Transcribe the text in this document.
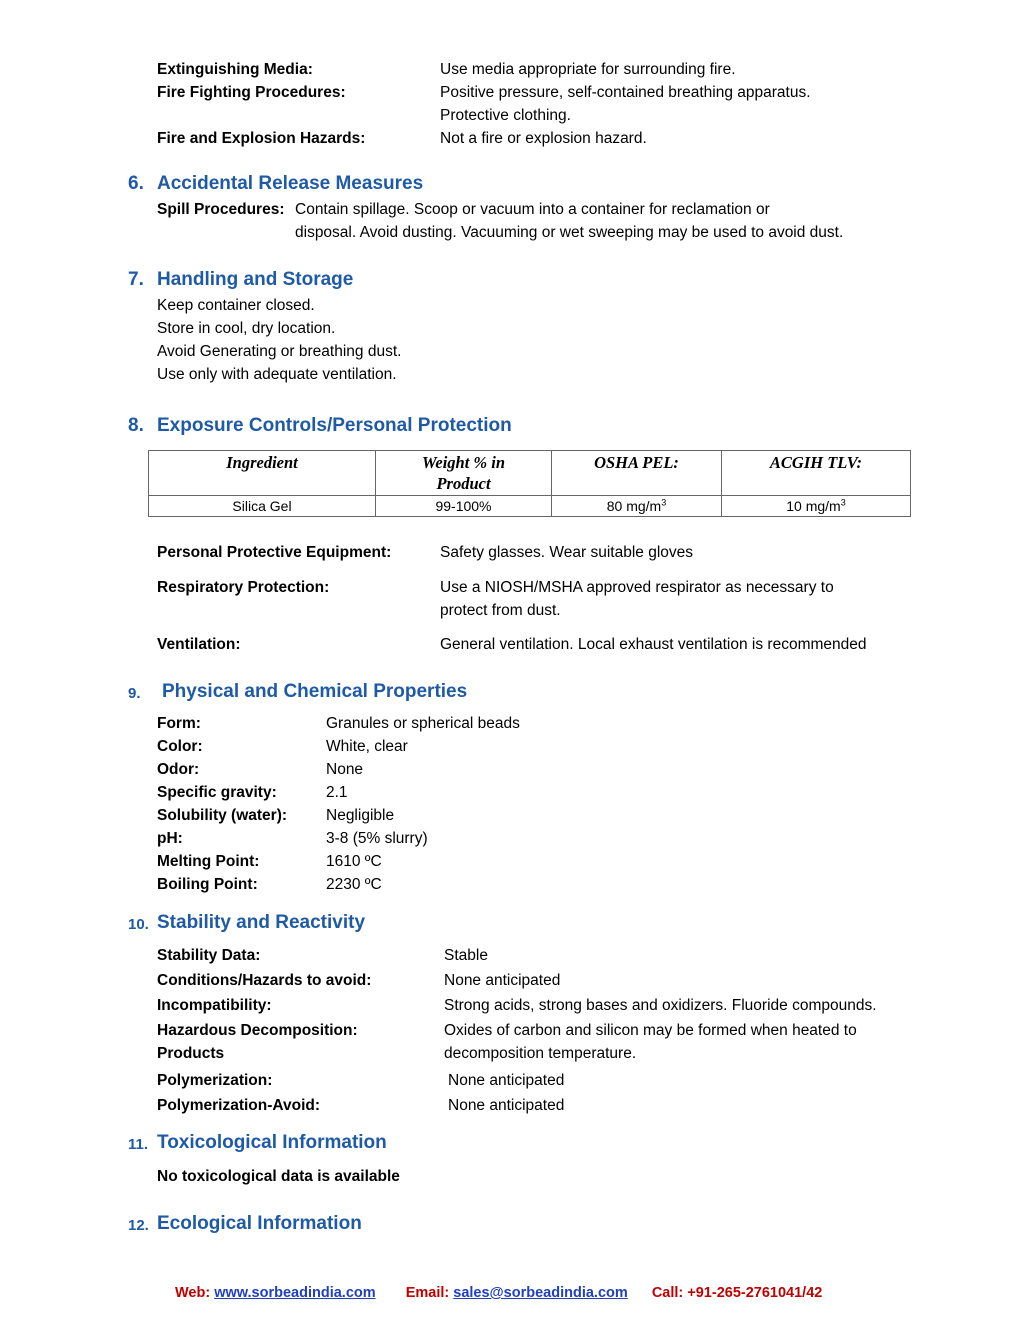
Extinguishing Media:	Use media appropriate for surrounding fire.
Fire Fighting Procedures:	Positive pressure, self-contained breathing apparatus.
Protective clothing.
Fire and Explosion Hazards:	Not a fire or explosion hazard.
6. Accidental Release Measures
Spill Procedures: Contain spillage. Scoop or vacuum into a container for reclamation or
disposal. Avoid dusting. Vacuuming or wet sweeping may be used to avoid dust.
7. Handling and Storage
Keep container closed.
Store in cool, dry location.
Avoid Generating or breathing dust.
Use only with adequate ventilation.
8. Exposure Controls/Personal Protection
Ingredient	Weight % in Product	OSHA PEL:	ACGIH TLV:
Silica Gel	99-100%	80 $mg/m^3$	10 $mg/m^3$
Personal Protective Equipment:	Safety glasses. Wear suitable gloves
Respiratory Protection:	Use a NIOSH/MSHA approved respirator as necessary to
protect from dust.
Ventilation:	General ventilation. Local exhaust ventilation is recommended
9. Physical and Chemical Properties
Form:	Granules or spherical beads
Color:	White, clear
Odor:	None
Specific gravity:	2.1
Solubility (water):	Negligible
pH:	3-8 (5% slurry)
Melting Point:	1610 ºC
Boiling Point:	2230 ºC
10. Stability and Reactivity
Stability Data:	Stable
Conditions/Hazards to avoid:	None anticipated
Incompatibility:	Strong acids, strong bases and oxidizers. Fluoride compounds.
Hazardous Decomposition:	Oxides of carbon and silicon may be formed when heated to
Products	decomposition temperature.
Polymerization:	None anticipated
Polymerization-Avoid:	None anticipated
11. Toxicological Information
No toxicological data is available
12. Ecological Information
Web: www.sorbeadindia.com Email: sales@sorbeadindia.com Call: +91-265-2761041/42
